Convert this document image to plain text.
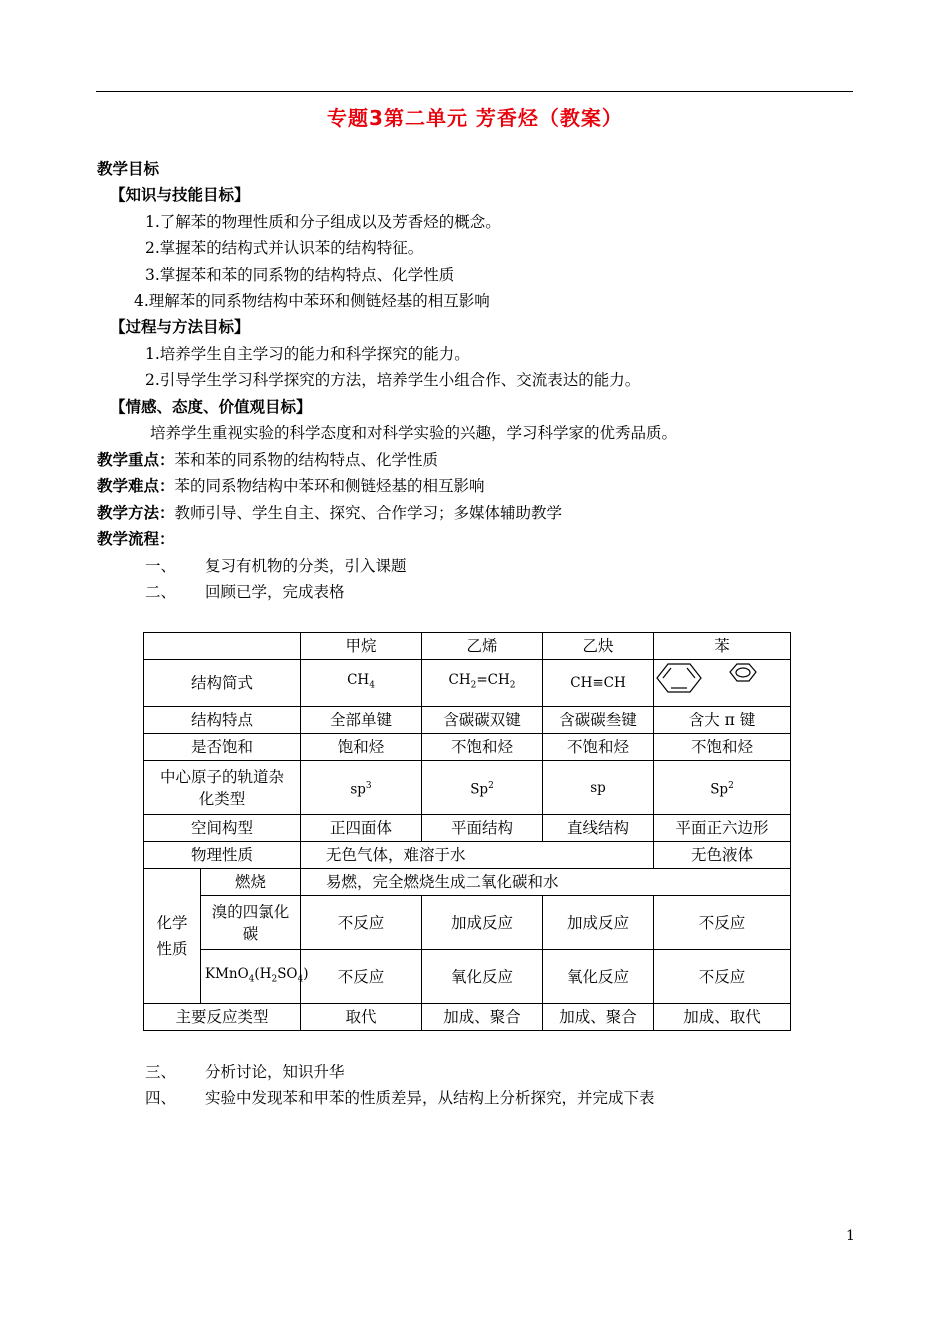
专题3第二单元 芳香烃（教案）
教学目标
【知识与技能目标】
1.了解苯的物理性质和分子组成以及芳香烃的概念。
2.掌握苯的结构式并认识苯的结构特征。
3.掌握苯和苯的同系物的结构特点、化学性质
4.理解苯的同系物结构中苯环和侧链烃基的相互影响
【过程与方法目标】
1.培养学生自主学习的能力和科学探究的能力。
2.引导学生学习科学探究的方法，培养学生小组合作、交流表达的能力。
【情感、态度、价值观目标】
培养学生重视实验的科学态度和对科学实验的兴趣，学习科学家的优秀品质。
教学重点：苯和苯的同系物的结构特点、化学性质
教学难点：苯的同系物结构中苯环和侧链烃基的相互影响
教学方法：教师引导、学生自主、探究、合作学习；多媒体辅助教学
教学流程：
一、 复习有机物的分类，引入课题
二、 回顾已学，完成表格
		甲烷	乙烯	乙炔	苯
结构简式		$CH_4$	$CH_2=CH_2$	CH≡CH	
结构特点		全部单键	含碳碳双键	含碳碳叁键	含大 π 键
是否饱和		饱和烃	不饱和烃	不饱和烃	不饱和烃
中心原子的轨道杂化类型		$sp^3$	Sp$^2$	sp	Sp$^2$
空间构型		正四面体	平面结构	直线结构	平面正六边形
物理性质		无色气体，难溶于水			无色液体
化学性质	燃烧	易燃，完全燃烧生成二氧化碳和水			
	溴的四氯化碳	不反应	加成反应	加成反应	不反应
	$KMnO_4(H_2SO_4)$	不反应	氧化反应	氧化反应	不反应
主要反应类型		取代	加成、聚合	加成、聚合	加成、取代
三、 分析讨论，知识升华
四、 实验中发现苯和甲苯的性质差异，从结构上分析探究，并完成下表
1
